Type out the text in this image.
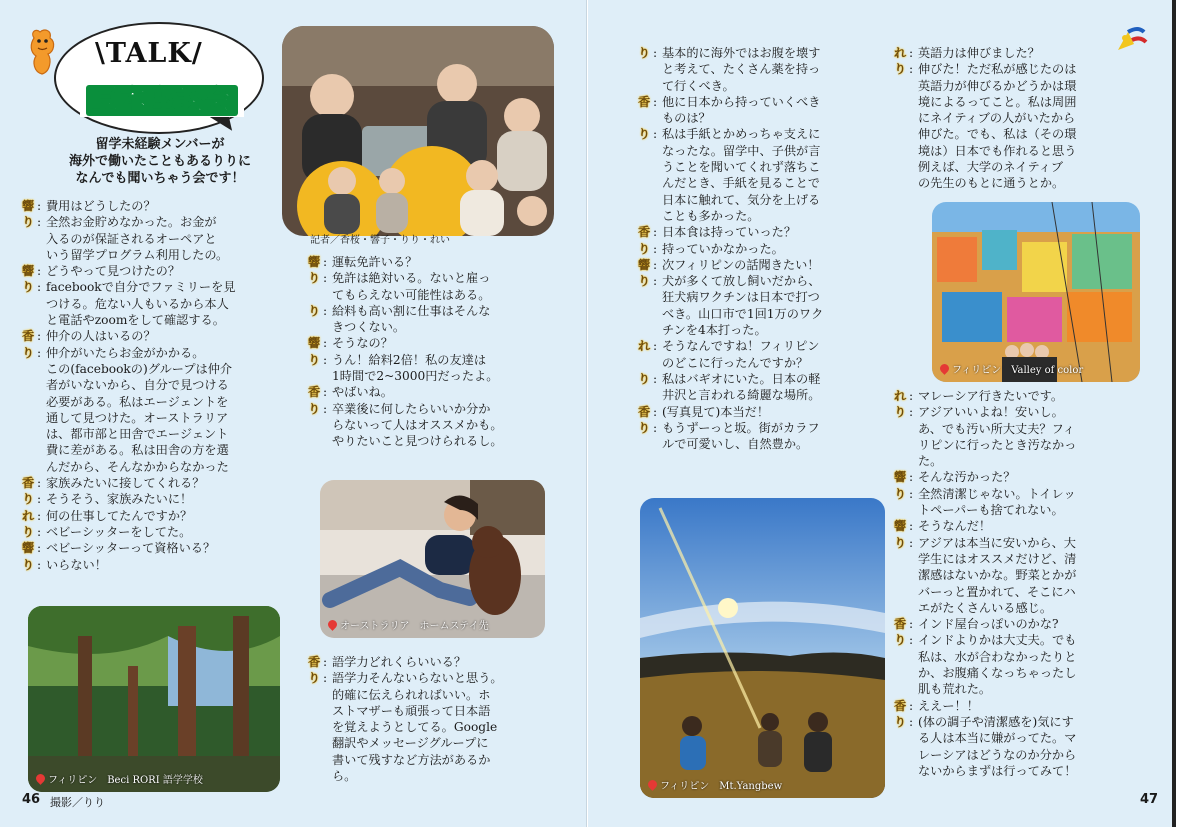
\TALK/
豆本座談会
留学未経験メンバーが
海外で働いたこともあるりりに
なんでも聞いちゃう会です！
記者／香桜・響子・りり・れい
響 : 費用はどうしたの？
り : 全然お金貯めなかった。お金が
入るのが保証されるオーペアと
いう留学プログラム利用したの。
響 : どうやって見つけたの？
り : facebookで自分でファミリーを見
つける。危ない人もいるから本人
と電話やzoomをして確認する。
香 : 仲介の人はいるの？
り : 仲介がいたらお金がかかる。
この(facebookの)グループは仲介
者がいないから、自分で見つける
必要がある。私はエージェントを
通して見つけた。オーストラリア
は、都市部と田舎でエージェント
費に差がある。私は田舎の方を選
んだから、そんなかからなかった
香 : 家族みたいに接してくれる？
り : そうそう、家族みたいに！
れ : 何の仕事してたんですか？
り : ベビーシッターをしてた。
響 : ベビーシッターって資格いる？
り : いらない！
響 : 運転免許いる？
り : 免許は絶対いる。ないと雇っ
てもらえない可能性はある。
り : 給料も高い割に仕事はそんな
きつくない。
響 : そうなの？
り : うん！給料2倍！私の友達は
1時間で2~3000円だったよ。
香 : やばいね。
り : 卒業後に何したらいいか分か
らないって人はオススメかも。
やりたいこと見つけられるし。
オーストラリア　ホームステイ先
香 : 語学力どれくらいいる？
り : 語学力そんないらないと思う。
的確に伝えられればいい。ホ
ストマザーも頑張って日本語
を覚えようとしてる。Google
翻訳やメッセージグループに
書いて残すなど方法があるか
ら。
フィリピン　Beci RORI 語学学校
46 撮影／りり
り : 基本的に海外ではお腹を壊す
と考えて、たくさん薬を持っ
て行くべき。
香 : 他に日本から持っていくべき
ものは？
り : 私は手紙とかめっちゃ支えに
なったな。留学中、子供が言
うことを聞いてくれず落ちこ
んだとき、手紙を見ることで
日本に触れて、気分を上げる
ことも多かった。
香 : 日本食は持っていった？
り : 持っていかなかった。
響 : 次フィリピンの話聞きたい！
り : 犬が多くて放し飼いだから、
狂犬病ワクチンは日本で打つ
べき。山口市で1回1万のワク
チンを4本打った。
れ : そうなんですね！フィリピン
のどこに行ったんですか？
り : 私はバギオにいた。日本の軽
井沢と言われる綺麗な場所。
香 : (写真見て)本当だ！
り : もうずーっと坂。街がカラフ
ルで可愛いし、自然豊か。
フィリピン　Mt.Yangbew
れ : 英語力は伸びました？
り : 伸びた！ただ私が感じたのは
英語力が伸びるかどうかは環
境によるってこと。私は周囲
にネイティブの人がいたから
伸びた。でも、私は（その環
境は）日本でも作れると思う
例えば、大学のネイティブ
の先生のもとに通うとか。
フィリピン　Valley of color
れ : マレーシア行きたいです。
り : アジアいいよね！安いし。
あ、でも汚い所大丈夫？フィ
リピンに行ったとき汚なかっ
た。
響 : そんな汚かった？
り : 全然清潔じゃない。トイレッ
トペーパーも捨てれない。
響 : そうなんだ！
り : アジアは本当に安いから、大
学生にはオススメだけど、清
潔感はないかな。野菜とかが
バーっと置かれて、そこにハ
エがたくさんいる感じ。
香 : インド屋台っぽいのかな?
り : インドよりかは大丈夫。でも
私は、水が合わなかったりと
か、お腹痛くなっちゃったし
肌も荒れた。
香 : ええー！！
り : (体の調子や清潔感を)気にす
る人は本当に嫌がってた。マ
レーシアはどうなのか分から
ないからまずは行ってみて！
47
